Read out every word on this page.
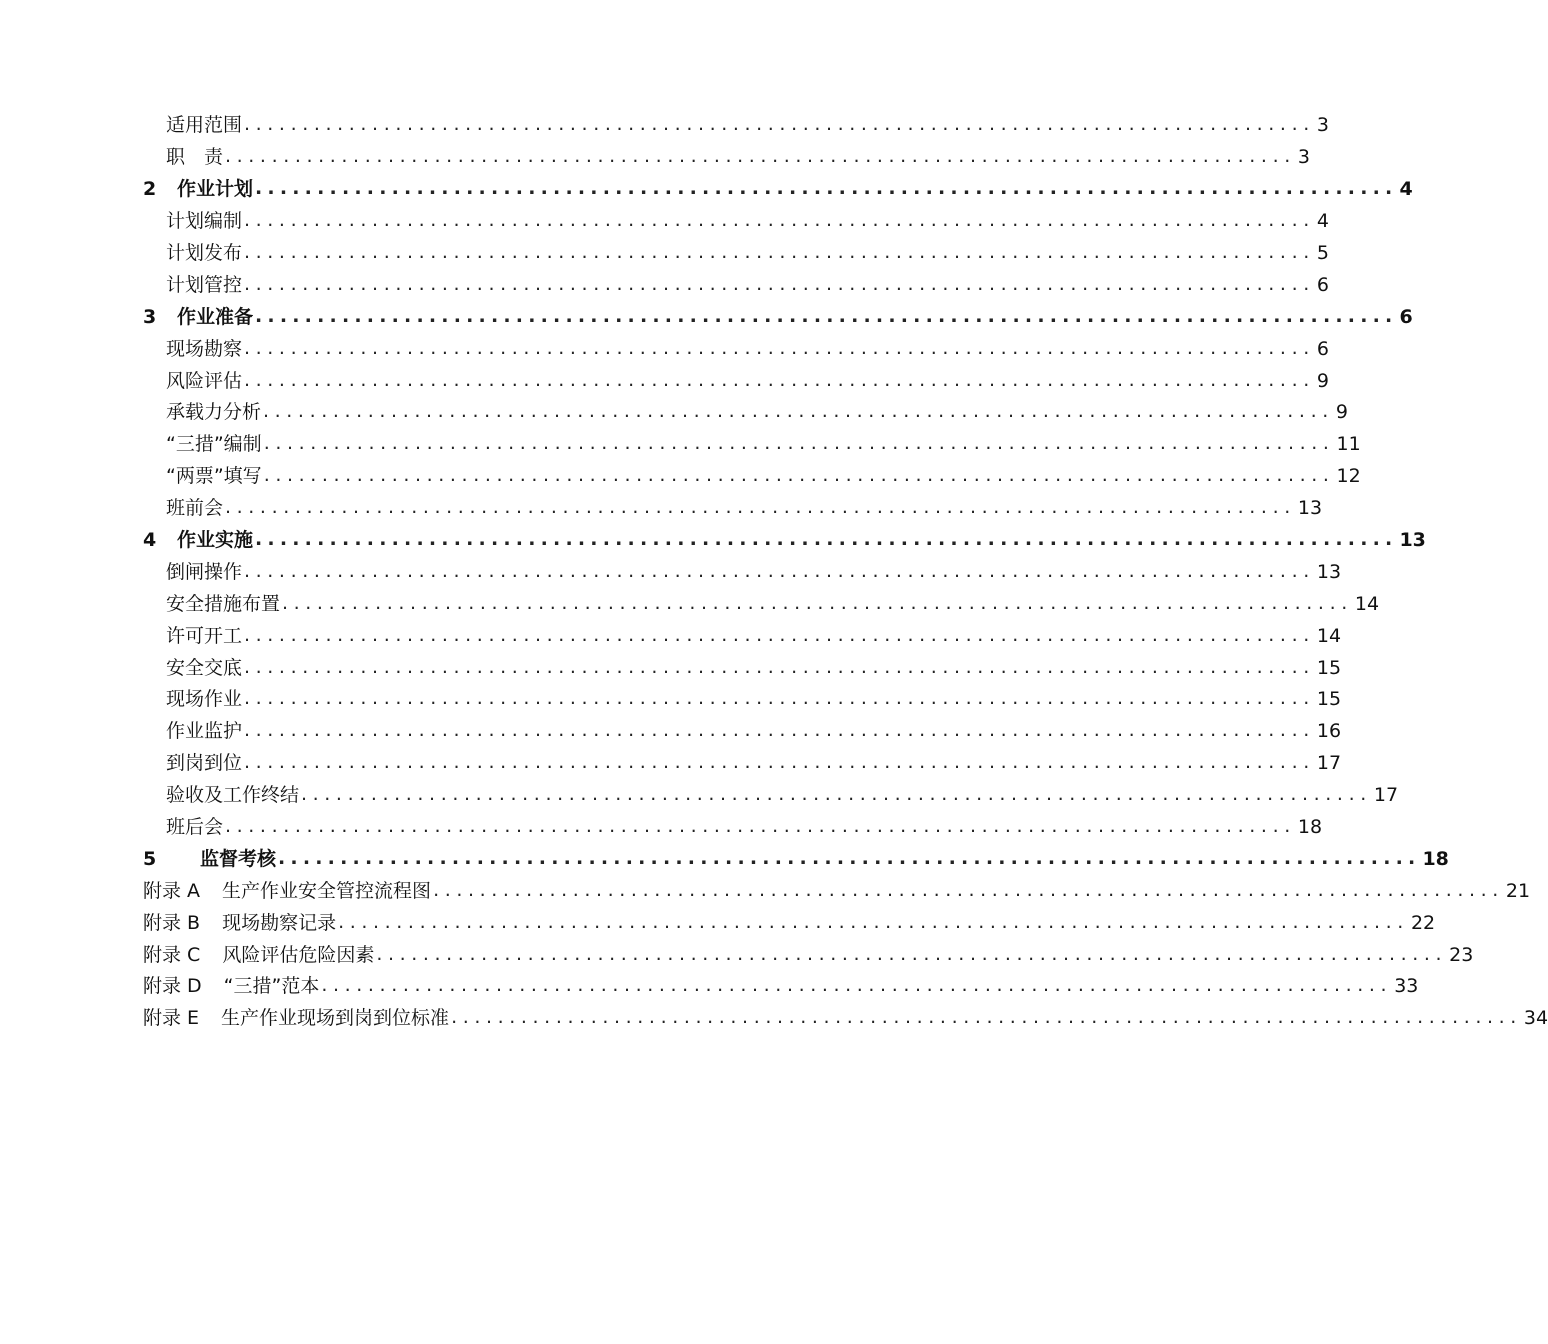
适用范围 ............................................................................................ 3
职　责 ............................................................................................ 3
2	作业计划 ............................................................................................ 4
计划编制 ............................................................................................ 4
计划发布 ............................................................................................ 5
计划管控 ............................................................................................ 6
3	作业准备 ............................................................................................ 6
现场勘察 ............................................................................................ 6
风险评估 ............................................................................................ 9
承载力分析 ............................................................................................ 9
“三措”编制 ............................................................................................ 11
“两票”填写 ............................................................................................ 12
班前会 ............................................................................................ 13
4	作业实施 ............................................................................................ 13
倒闸操作 ............................................................................................ 13
安全措施布置 ............................................................................................ 14
许可开工 ............................................................................................ 14
安全交底 ............................................................................................ 15
现场作业 ............................................................................................ 15
作业监护 ............................................................................................ 16
到岗到位 ............................................................................................ 17
验收及工作终结 ............................................................................................ 17
班后会 ............................................................................................ 18
5	监督考核 ............................................................................................ 18
附录 A 生产作业安全管控流程图 ............................................................................................ 21
附录 B 现场勘察记录 ............................................................................................ 22
附录 C 风险评估危险因素 ............................................................................................ 23
附录 D “三措”范本 ............................................................................................ 33
附录 E 生产作业现场到岗到位标准 ............................................................................................ 34
